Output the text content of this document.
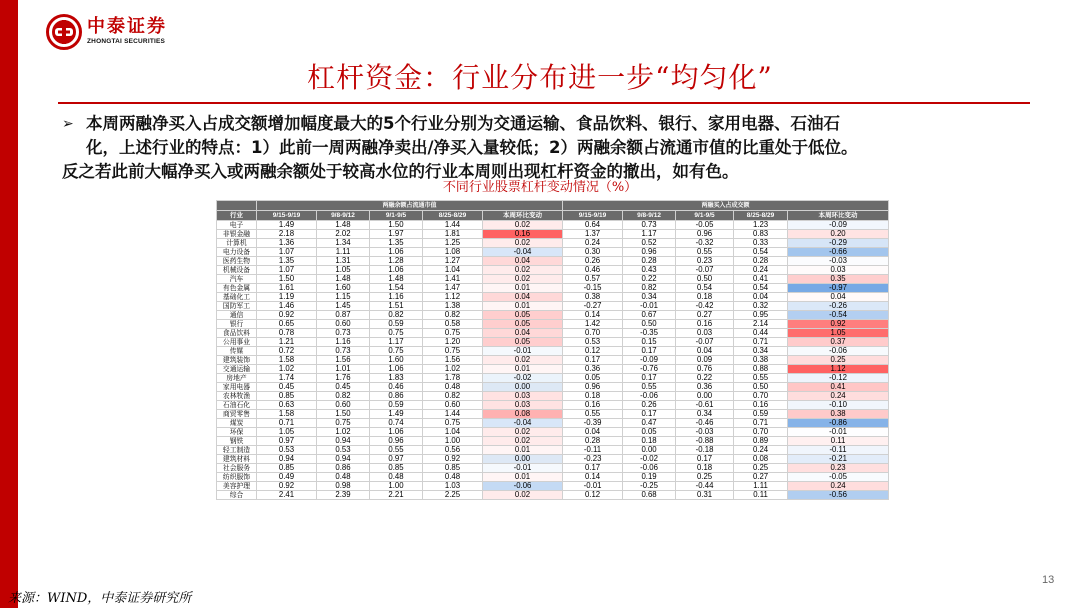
中泰证券
ZHONGTAI SECURITIES
杠杆资金：行业分布进一步“均匀化”
➢ 本周两融净买入占成交额增加幅度最大的5个行业分别为交通运输、食品饮料、银行、家用电器、石油石
化，上述行业的特点：1）此前一周两融净卖出/净买入量较低；2）两融余额占流通市值的比重处于低位。
反之若此前大幅净买入或两融余额处于较高水位的行业本周则出现杠杆资金的撤出，如有色。
不同行业股票杠杆变动情况（%）
	两融余额占流通市值					两融买入占成交额				
行业	9/15-9/19	9/8-9/12	9/1-9/5	8/25-8/29	本周环比变动	9/15-9/19	9/8-9/12	9/1-9/5	8/25-8/29	本周环比变动
电子	1.49	1.48	1.50	1.44	0.02	0.64	0.73	-0.05	1.23	-0.09
非银金融	2.18	2.02	1.97	1.81	0.16	1.37	1.17	0.96	0.83	0.20
计算机	1.36	1.34	1.35	1.25	0.02	0.24	0.52	-0.32	0.33	-0.29
电力设备	1.07	1.11	1.06	1.08	-0.04	0.30	0.96	0.55	0.54	-0.66
医药生物	1.35	1.31	1.28	1.27	0.04	0.26	0.28	0.23	0.28	-0.03
机械设备	1.07	1.05	1.06	1.04	0.02	0.46	0.43	-0.07	0.24	0.03
汽车	1.50	1.48	1.48	1.41	0.02	0.57	0.22	0.50	0.41	0.35
有色金属	1.61	1.60	1.54	1.47	0.01	-0.15	0.82	0.54	0.54	-0.97
基础化工	1.19	1.15	1.16	1.12	0.04	0.38	0.34	0.18	0.04	0.04
国防军工	1.46	1.45	1.51	1.38	0.01	-0.27	-0.01	-0.42	0.32	-0.26
通信	0.92	0.87	0.82	0.82	0.05	0.14	0.67	0.27	0.95	-0.54
银行	0.65	0.60	0.59	0.58	0.05	1.42	0.50	0.16	2.14	0.92
食品饮料	0.78	0.73	0.75	0.75	0.04	0.70	-0.35	0.03	0.44	1.05
公用事业	1.21	1.16	1.17	1.20	0.05	0.53	0.15	-0.07	0.71	0.37
传媒	0.72	0.73	0.75	0.75	-0.01	0.12	0.17	0.04	0.34	-0.06
建筑装饰	1.58	1.56	1.60	1.56	0.02	0.17	-0.09	0.09	0.38	0.25
交通运输	1.02	1.01	1.06	1.02	0.01	0.36	-0.76	0.76	0.88	1.12
房地产	1.74	1.76	1.83	1.78	-0.02	0.05	0.17	0.22	0.55	-0.12
家用电器	0.45	0.45	0.46	0.48	0.00	0.96	0.55	0.36	0.50	0.41
农林牧渔	0.85	0.82	0.86	0.82	0.03	0.18	-0.06	0.00	0.70	0.24
石油石化	0.63	0.60	0.59	0.60	0.03	0.16	0.26	-0.61	0.16	-0.10
商贸零售	1.58	1.50	1.49	1.44	0.08	0.55	0.17	0.34	0.59	0.38
煤炭	0.71	0.75	0.74	0.75	-0.04	-0.39	0.47	-0.46	0.71	-0.86
环保	1.05	1.02	1.06	1.04	0.02	0.04	0.05	-0.03	0.70	-0.01
钢铁	0.97	0.94	0.96	1.00	0.02	0.28	0.18	-0.88	0.89	0.11
轻工制造	0.53	0.53	0.55	0.56	0.01	-0.11	0.00	-0.18	0.24	-0.11
建筑材料	0.94	0.94	0.97	0.92	0.00	-0.23	-0.02	0.17	0.08	-0.21
社会服务	0.85	0.86	0.85	0.85	-0.01	0.17	-0.06	0.18	0.25	0.23
纺织服饰	0.49	0.48	0.48	0.48	0.01	0.14	0.19	0.25	0.27	-0.05
美容护理	0.92	0.98	1.00	1.03	-0.06	-0.01	-0.25	-0.44	1.11	0.24
综合	2.41	2.39	2.21	2.25	0.02	0.12	0.68	0.31	0.11	-0.56
13
来源：WIND，中泰证券研究所
